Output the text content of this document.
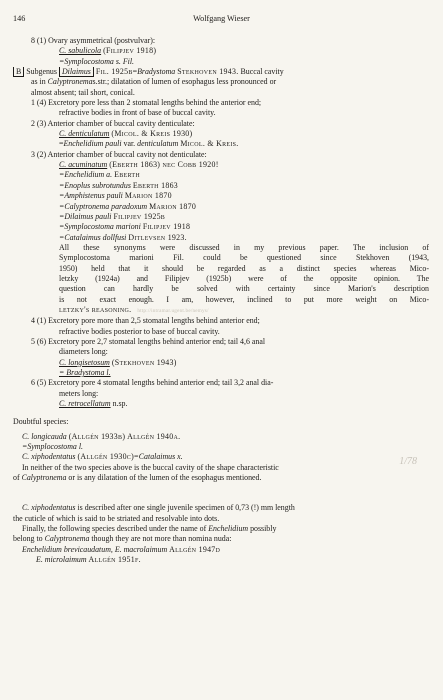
146	Wolfgang Wieser
8 (1) Ovary asymmetrical (postvulvar):
C. sabulicola (Filipjev 1918)
=Symplocostoma s. Fil.
B Subgenus Dilaimus Fil. 1925b=Bradystoma Stekhoven 1943. Buccal cavity
as in Calyptronemas.str.; dilatation of lumen of esophagus less pronounced or
almost absent; tail short, conical.
1 (4) Excretory pore less than 2 stomatal lengths behind the anterior end;
refractive bodies in front of base of buccal cavity.
2 (3) Anterior chamber of buccal cavity denticulate:
C. denticulatum (Micol. & Kreis 1930)
=Enchelidium pauli var. denticulatum Micol. & Kreis.
3 (2) Anterior chamber of buccal cavity not denticulate:
C. acuminatum (Eberth 1863) nec Cobb 1920!
=Enchelidium a. Eberth
=Enoplus subrotundus Eberth 1863
=Amphistenus pauli Marion 1870
=Calyptronema paradoxum Marion 1870
=Dilaimus pauli Filipjev 1925b
=Symplocostoma marioni Filipjev 1918
=Catalaimus dollfusi Ditlevsen 1923.
All these synonyms were discussed in my previous paper. The inclusion of
Symplocostoma marioni Fil. could be questioned since Stekhoven (1943,
1950) held that it should be regarded as a distinct species whereas Mico-
letzky (1924a) and Filipjev (1925b) were of the opposite opinion. The
question can hardly be solved with certainty since Marion's description
is not exact enough. I am, however, inclined to put more weight on Mico-
letzky's reasoning. http://intramar.ugent.be/nemys/
4 (1) Excretory pore more than 2,5 stomatal lengths behind anterior end;
refractive bodies posterior to base of buccal cavity.
5 (6) Excretory pore 2,7 stomatal lengths behind anterior end; tail 4,6 anal
diameters long:
C. longisetosum (Stekhoven 1943)
= Bradystoma l.
6 (5) Excretory pore 4 stomatal lengths behind anterior end; tail 3,2 anal dia-
meters long:
C. retrocellatum n.sp.
Doubtful species:
C. longicauda (Allgén 1933b) Allgén 1940a.
=Symplocostoma l.
C. xiphodentatus (Allgén 1930c)=Catalaimus x.	1/78
In neither of the two species above is the buccal cavity of the shape characteristic
of Calyptronema or is any dilatation of the lumen of the esophagus mentioned.
C. xiphodentatus is described after one single juvenile specimen of 0,73 (!) mm length
the cuticle of which is said to be striated and resolvable into dots.
Finally, the following species described under the name of Enchelidium possibly
belong to Calyptronema though they are not more than nomina nuda:
Enchelidium brevicaudatum, E. macrolaimum Allgén 1947d
E. microlaimum Allgén 1951f.
